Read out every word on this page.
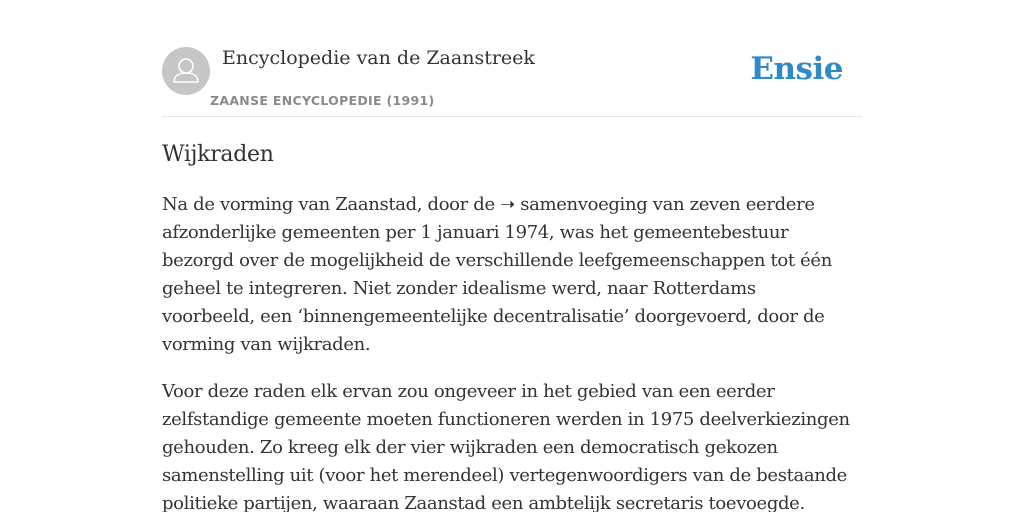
Encyclopedie van de Zaanstreek
ZAANSE ENCYCLOPEDIE (1991)
Ensie
Wijkraden

Na de vorming van Zaanstad, door de ➝ samenvoeging van zeven eerdere afzonderlijke gemeenten per 1 januari 1974, was het gemeentebestuur bezorgd over de mogelijkheid de verschillende leefgemeenschappen tot één geheel te integreren. Niet zonder idealisme werd, naar Rotterdams voorbeeld, een ‘binnengemeentelijke decentralisatie’ doorgevoerd, door de vorming van wijkraden.

Voor deze raden elk ervan zou ongeveer in het gebied van een eerder zelfstandige gemeente moeten functioneren werden in 1975 deelverkiezingen gehouden. Zo kreeg elk der vier wijkraden een democratisch gekozen samenstelling uit (voor het merendeel) vertegenwoordigers van de bestaande politieke partijen, waaraan Zaanstad een ambtelijk secretaris toevoegde.
